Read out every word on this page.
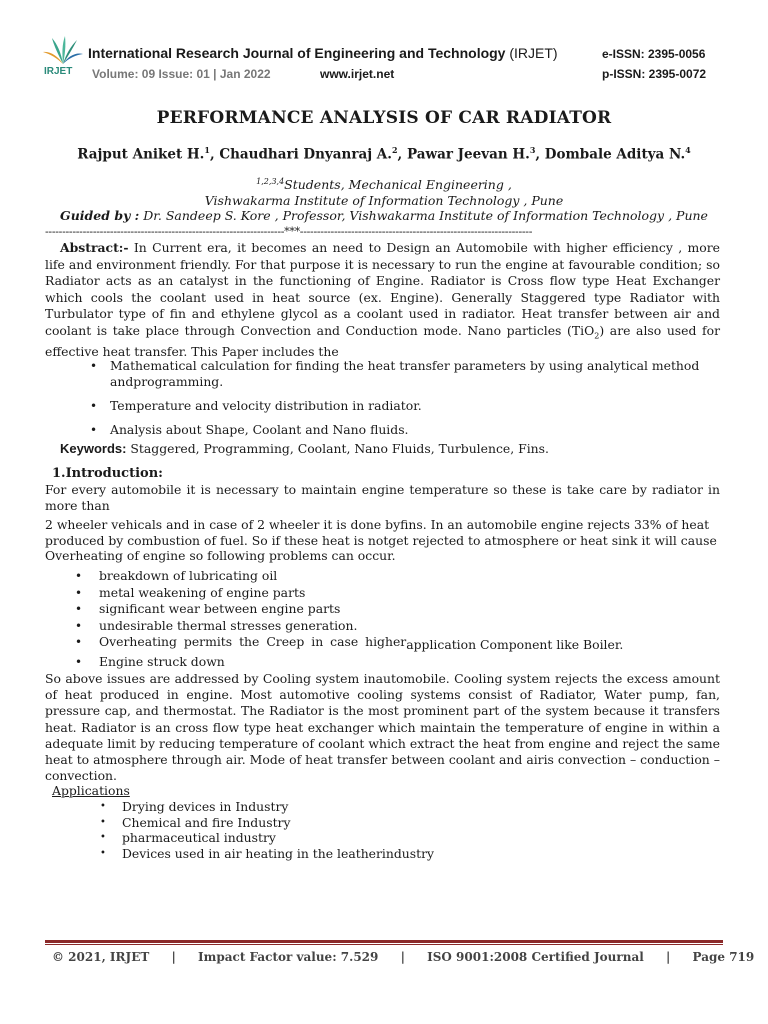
IRJET
International Research Journal of Engineering and Technology (IRJET)	e-ISSN: 2395-0056
Volume: 09 Issue: 01 | Jan 2022	www.irjet.net	p-ISSN: 2395-0072
PERFORMANCE ANALYSIS OF CAR RADIATOR
Rajput Aniket H.$^1$, Chaudhari Dnyanraj A.$^2$, Pawar Jeevan H.$^3$, Dombale Aditya N.$^4$
$^{1,2,3,4}$Students, Mechanical Engineering ,
Vishwakarma Institute of Information Technology , Pune
Guided by : Dr. Sandeep S. Kore , Professor, Vishwakarma Institute of Information Technology , Pune
----------------------------------------------------------------------***--------------------------------------------------------------------
Abstract:- In Current era, it becomes an need to Design an Automobile with higher efficiency , more life and environment friendly. For that purpose it is necessary to run the engine at favourable condition; so Radiator acts as an catalyst in the functioning of Engine. Radiator is Cross flow type Heat Exchanger which cools the coolant used in heat source (ex. Engine). Generally Staggered type Radiator with Turbulator type of fin and ethylene glycol as a coolant used in radiator. Heat transfer between air and coolant is take place through Convection and Conduction mode. Nano particles (TiO$_2$) are also used for effective heat transfer. This Paper includes the
• Mathematical calculation for finding the heat transfer parameters by using analytical method andprogramming.
• Temperature and velocity distribution in radiator.
• Analysis about Shape, Coolant and Nano fluids.
Keywords: Staggered, Programming, Coolant, Nano Fluids, Turbulence, Fins.
1.Introduction:
For every automobile it is necessary to maintain engine temperature so these is take care by radiator in more than
2 wheeler vehicals and in case of 2 wheeler it is done byfins. In an automobile engine rejects 33% of heat produced by combustion of fuel. So if these heat is notget rejected to atmosphere or heat sink it will cause Overheating of engine so following problems can occur.
• breakdown of lubricating oil
• metal weakening of engine parts
• significant wear between engine parts
• undesirable thermal stresses generation.
• Overheating permits the Creep in case higherapplication Component like Boiler.
• Engine struck down
So above issues are addressed by Cooling system inautomobile. Cooling system rejects the excess amount of heat produced in engine. Most automotive cooling systems consist of Radiator, Water pump, fan, pressure cap, and thermostat. The Radiator is the most prominent part of the system because it transfers heat. Radiator is an cross flow type heat exchanger which maintain the temperature of engine in within a adequate limit by reducing temperature of coolant which extract the heat from engine and reject the same heat to atmosphere through air. Mode of heat transfer between coolant and airis convection – conduction – convection.
Applications
• Drying devices in Industry
• Chemical and fire Industry
• pharmaceutical industry
• Devices used in air heating in the leatherindustry
© 2021, IRJET | Impact Factor value: 7.529 | ISO 9001:2008 Certified Journal | Page 719
